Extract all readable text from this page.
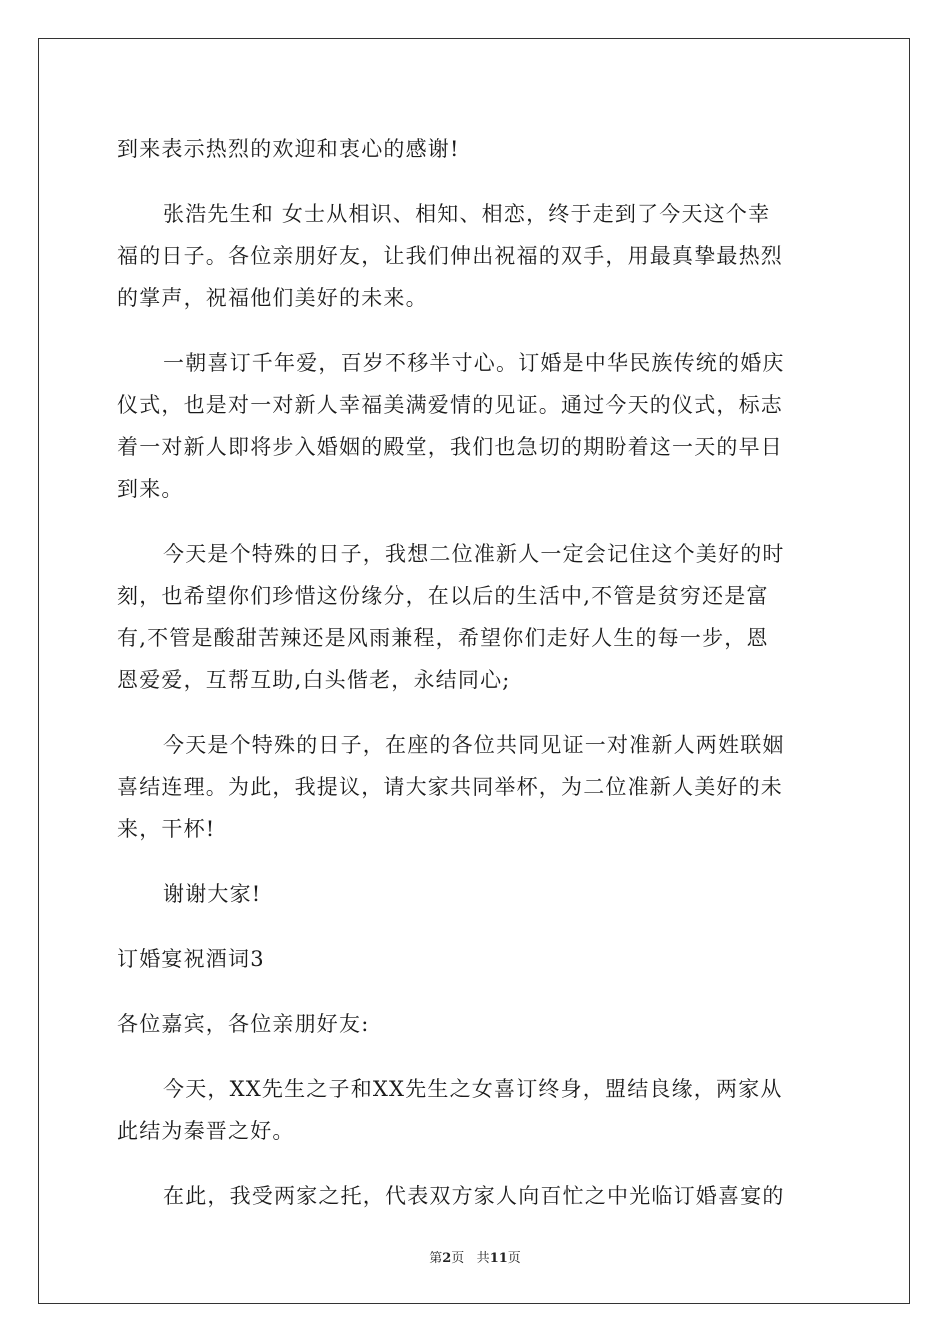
到来表示热烈的欢迎和衷心的感谢!
张浩先生和 女士从相识、相知、相恋，终于走到了今天这个幸
福的日子。各位亲朋好友，让我们伸出祝福的双手，用最真挚最热烈
的掌声，祝福他们美好的未来。
一朝喜订千年爱，百岁不移半寸心。订婚是中华民族传统的婚庆
仪式，也是对一对新人幸福美满爱情的见证。通过今天的仪式，标志
着一对新人即将步入婚姻的殿堂，我们也急切的期盼着这一天的早日
到来。
今天是个特殊的日子，我想二位准新人一定会记住这个美好的时
刻，也希望你们珍惜这份缘分，在以后的生活中,不管是贫穷还是富
有,不管是酸甜苦辣还是风雨兼程，希望你们走好人生的每一步，恩
恩爱爱，互帮互助,白头偕老，永结同心;
今天是个特殊的日子，在座的各位共同见证一对准新人两姓联姻
喜结连理。为此，我提议，请大家共同举杯，为二位准新人美好的未
来，干杯!
谢谢大家!
订婚宴祝酒词3
各位嘉宾，各位亲朋好友:
今天，XX先生之子和XX先生之女喜订终身，盟结良缘，两家从
此结为秦晋之好。
在此，我受两家之托，代表双方家人向百忙之中光临订婚喜宴的
第2页 共11页
